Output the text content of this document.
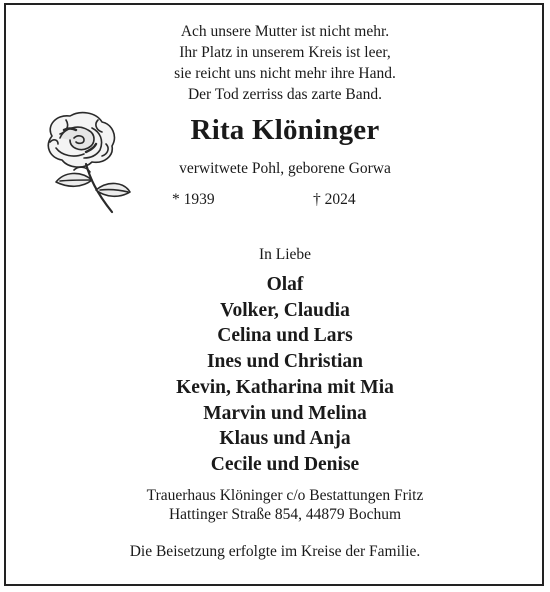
Ach unsere Mutter ist nicht mehr.
Ihr Platz in unserem Kreis ist leer,
sie reicht uns nicht mehr ihre Hand.
Der Tod zerriss das zarte Band.
Rita Klöninger
verwitwete Pohl, geborene Gorwa
* 1939	† 2024
In Liebe
Olaf
Volker, Claudia
Celina und Lars
Ines und Christian
Kevin, Katharina mit Mia
Marvin und Melina
Klaus und Anja
Cecile und Denise
Trauerhaus Klöninger c/o Bestattungen Fritz
Hattinger Straße 854, 44879 Bochum
Die Beisetzung erfolgte im Kreise der Familie.
